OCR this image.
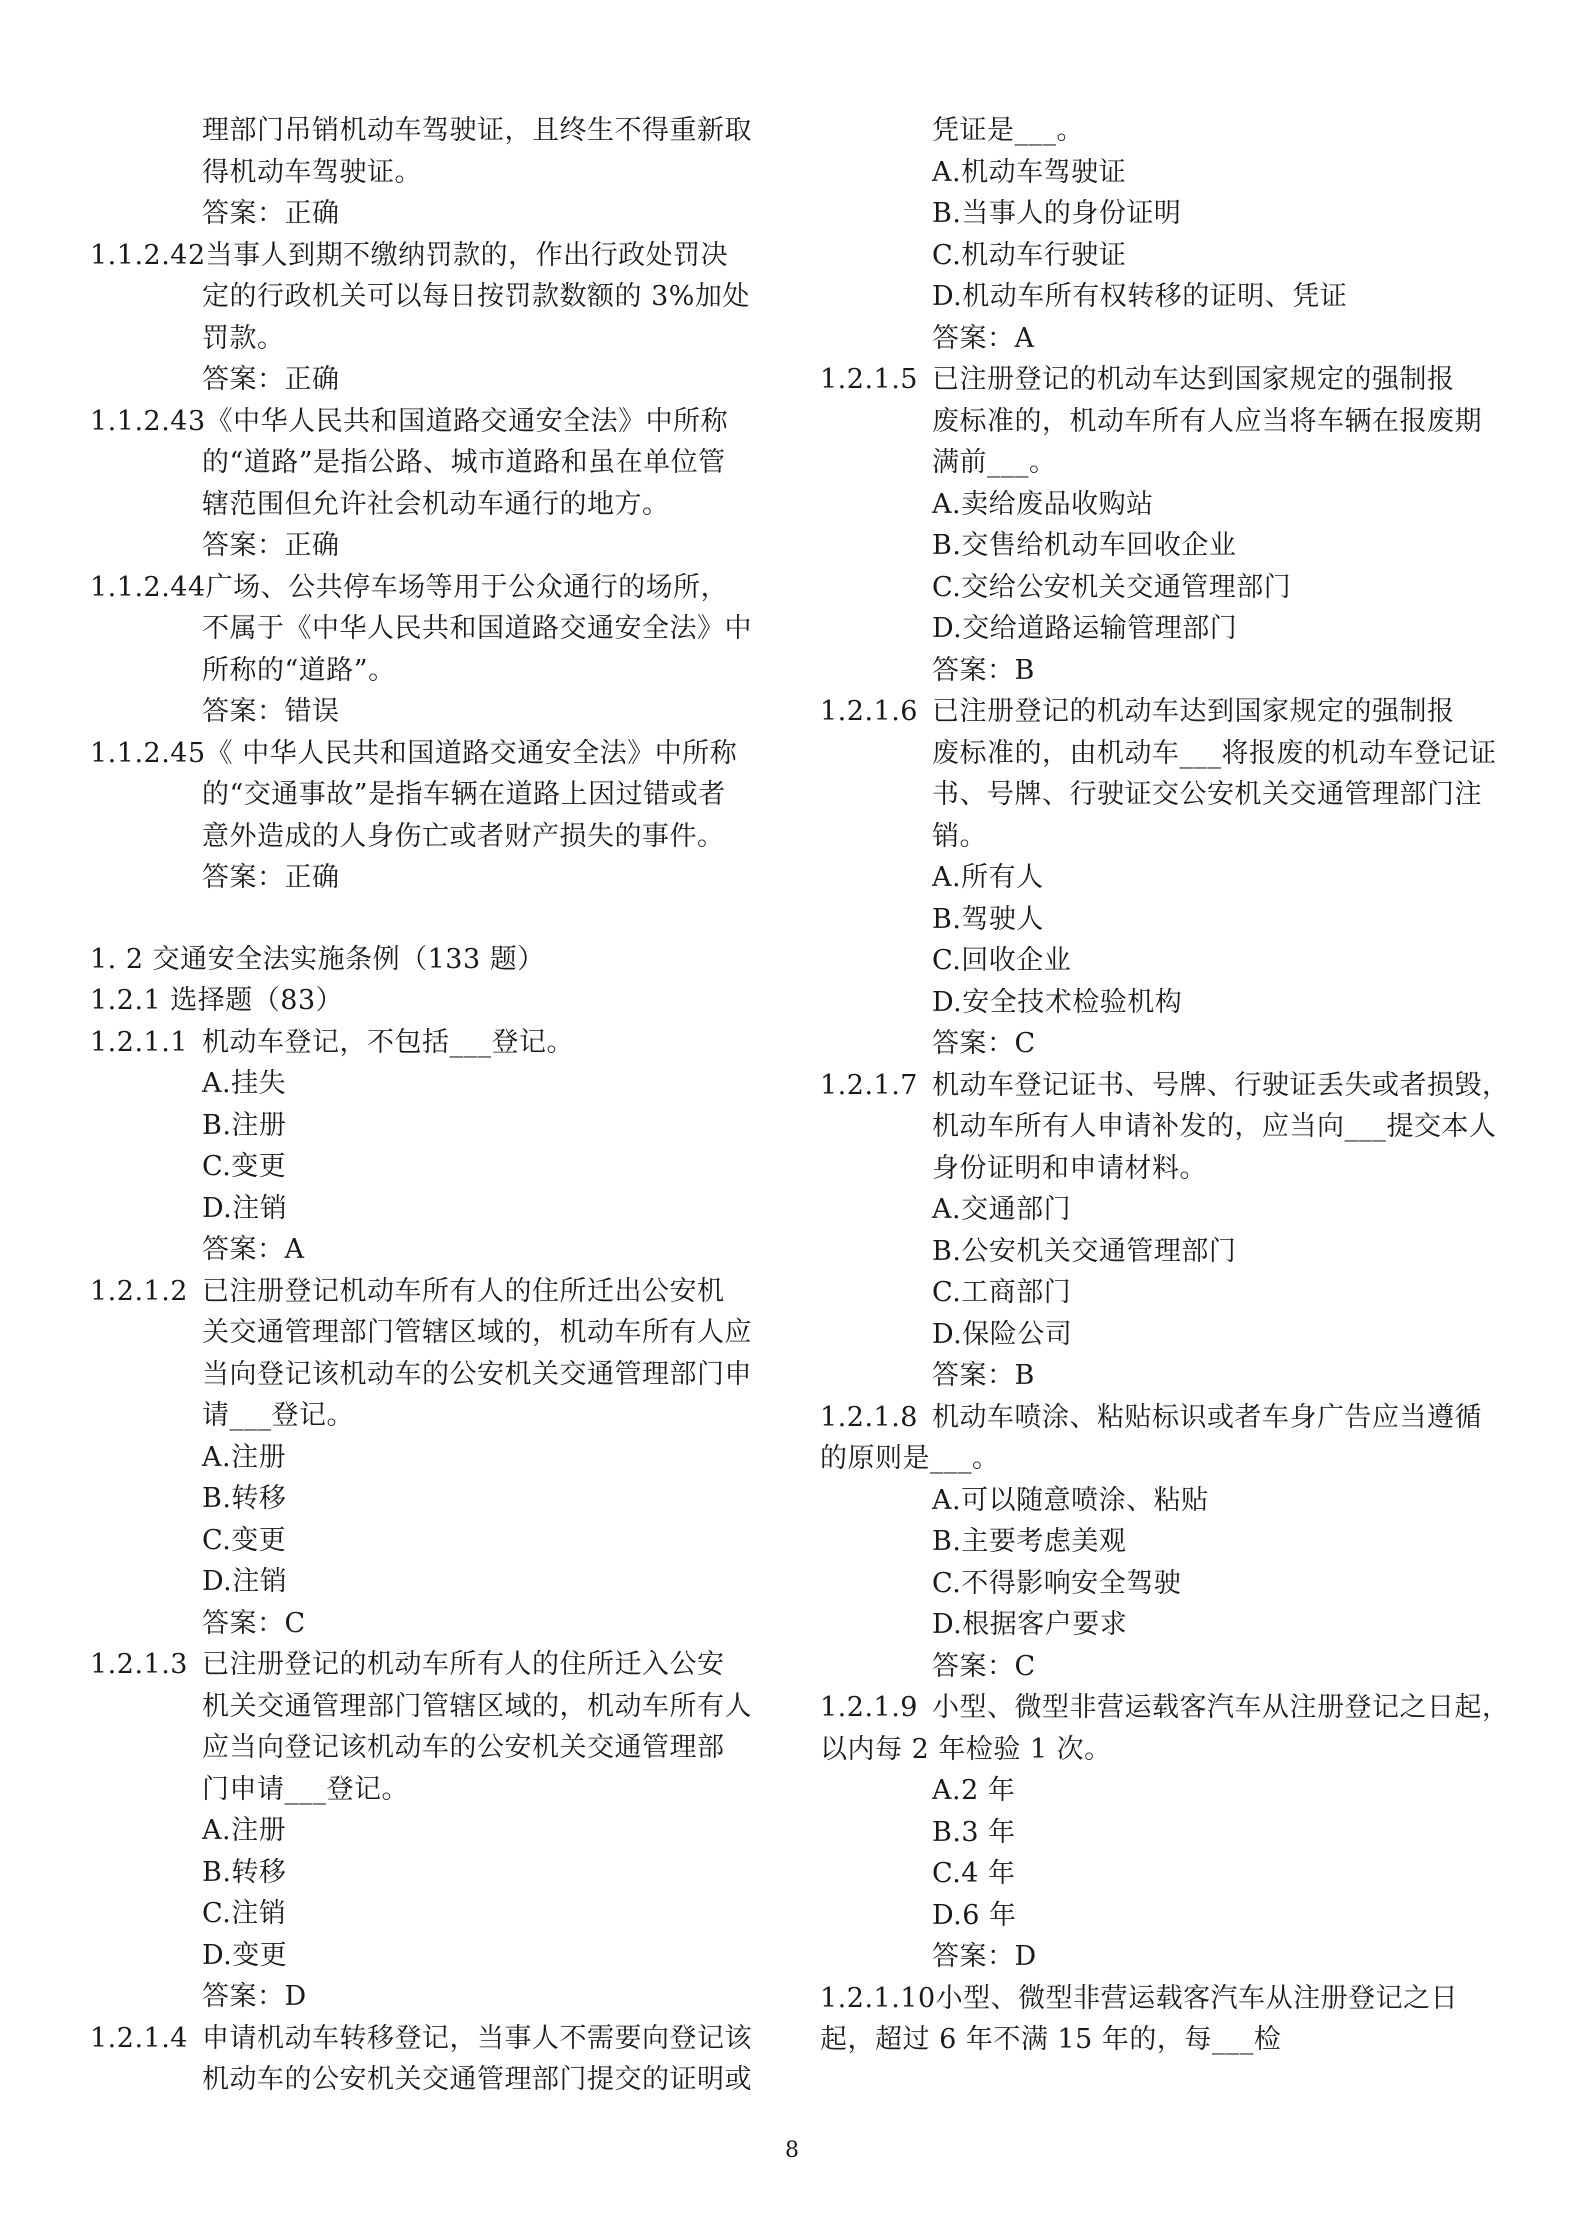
理部门吊销机动车驾驶证，且终生不得重新取
得机动车驾驶证。
答案：正确
1.1.2.42当事人到期不缴纳罚款的，作出行政处罚决
定的行政机关可以每日按罚款数额的 3%加处
罚款。
答案：正确
1.1.2.43《中华人民共和国道路交通安全法》中所称
的“道路”是指公路、城市道路和虽在单位管
辖范围但允许社会机动车通行的地方。
答案：正确
1.1.2.44广场、公共停车场等用于公众通行的场所，
不属于《中华人民共和国道路交通安全法》中
所称的“道路”。
答案：错误
1.1.2.45《 中华人民共和国道路交通安全法》中所称
的“交通事故”是指车辆在道路上因过错或者
意外造成的人身伤亡或者财产损失的事件。
答案：正确
1. 2 交通安全法实施条例（133 题）
1.2.1 选择题（83）
1.2.1.1 机动车登记，不包括___登记。
A.挂失
B.注册
C.变更
D.注销
答案：A
1.2.1.2 已注册登记机动车所有人的住所迁出公安机
关交通管理部门管辖区域的，机动车所有人应
当向登记该机动车的公安机关交通管理部门申
请___登记。
A.注册
B.转移
C.变更
D.注销
答案：C
1.2.1.3 已注册登记的机动车所有人的住所迁入公安
机关交通管理部门管辖区域的，机动车所有人
应当向登记该机动车的公安机关交通管理部
门申请___登记。
A.注册
B.转移
C.注销
D.变更
答案：D
1.2.1.4 申请机动车转移登记，当事人不需要向登记该
机动车的公安机关交通管理部门提交的证明或
凭证是___。
A.机动车驾驶证
B.当事人的身份证明
C.机动车行驶证
D.机动车所有权转移的证明、凭证
答案：A
1.2.1.5 已注册登记的机动车达到国家规定的强制报
废标准的，机动车所有人应当将车辆在报废期
满前___。
A.卖给废品收购站
B.交售给机动车回收企业
C.交给公安机关交通管理部门
D.交给道路运输管理部门
答案：B
1.2.1.6 已注册登记的机动车达到国家规定的强制报
废标准的，由机动车___将报废的机动车登记证
书、号牌、行驶证交公安机关交通管理部门注
销。
A.所有人
B.驾驶人
C.回收企业
D.安全技术检验机构
答案：C
1.2.1.7 机动车登记证书、号牌、行驶证丢失或者损毁，
机动车所有人申请补发的，应当向___提交本人
身份证明和申请材料。
A.交通部门
B.公安机关交通管理部门
C.工商部门
D.保险公司
答案：B
1.2.1.8 机动车喷涂、粘贴标识或者车身广告应当遵循
的原则是___。
A.可以随意喷涂、粘贴
B.主要考虑美观
C.不得影响安全驾驶
D.根据客户要求
答案：C
1.2.1.9 小型、微型非营运载客汽车从注册登记之日起，
以内每 2 年检验 1 次。
A.2 年
B.3 年
C.4 年
D.6 年
答案：D
1.2.1.10小型、微型非营运载客汽车从注册登记之日
起，超过 6 年不满 15 年的，每___检
8
